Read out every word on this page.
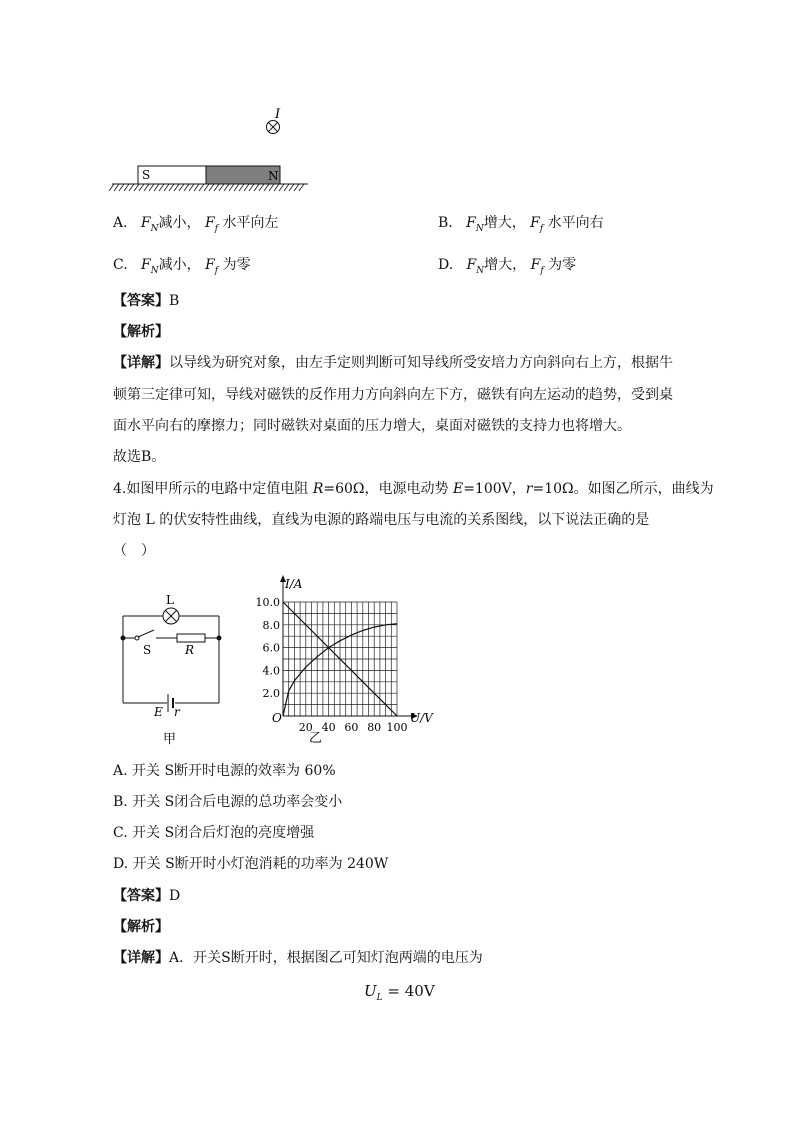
I
S	N
A. $F_N$减小， $F_f$ 水平向左	B. $F_N$增大， $F_f$ 水平向右
C. $F_N$减小， $F_f$ 为零	D. $F_N$增大， $F_f$ 为零
【答案】B
【解析】
【详解】以导线为研究对象，由左手定则判断可知导线所受安培力方向斜向右上方，根据牛
顿第三定律可知，导线对磁铁的反作用力方向斜向左下方，磁铁有向左运动的趋势，受到桌
面水平向右的摩擦力；同时磁铁对桌面的压力增大，桌面对磁铁的支持力也将增大。
故选B。
4.如图甲所示的电路中定值电阻 R=60Ω，电源电动势 E=100V，r=10Ω。如图乙所示，曲线为
灯泡 L 的伏安特性曲线，直线为电源的路端电压与电流的关系图线，以下说法正确的是
（　）
L
S	R
E r
甲
I/A
O
2.0
4.0
6.0
8.0
10.0
20 40 60 80 100
U/V
乙
A. 开关 S断开时电源的效率为 60%
B. 开关 S闭合后电源的总功率会变小
C. 开关 S闭合后灯泡的亮度增强
D. 开关 S断开时小灯泡消耗的功率为 240W
【答案】D
【解析】
【详解】A．开关S断开时，根据图乙可知灯泡两端的电压为
$U_L = 40V$
